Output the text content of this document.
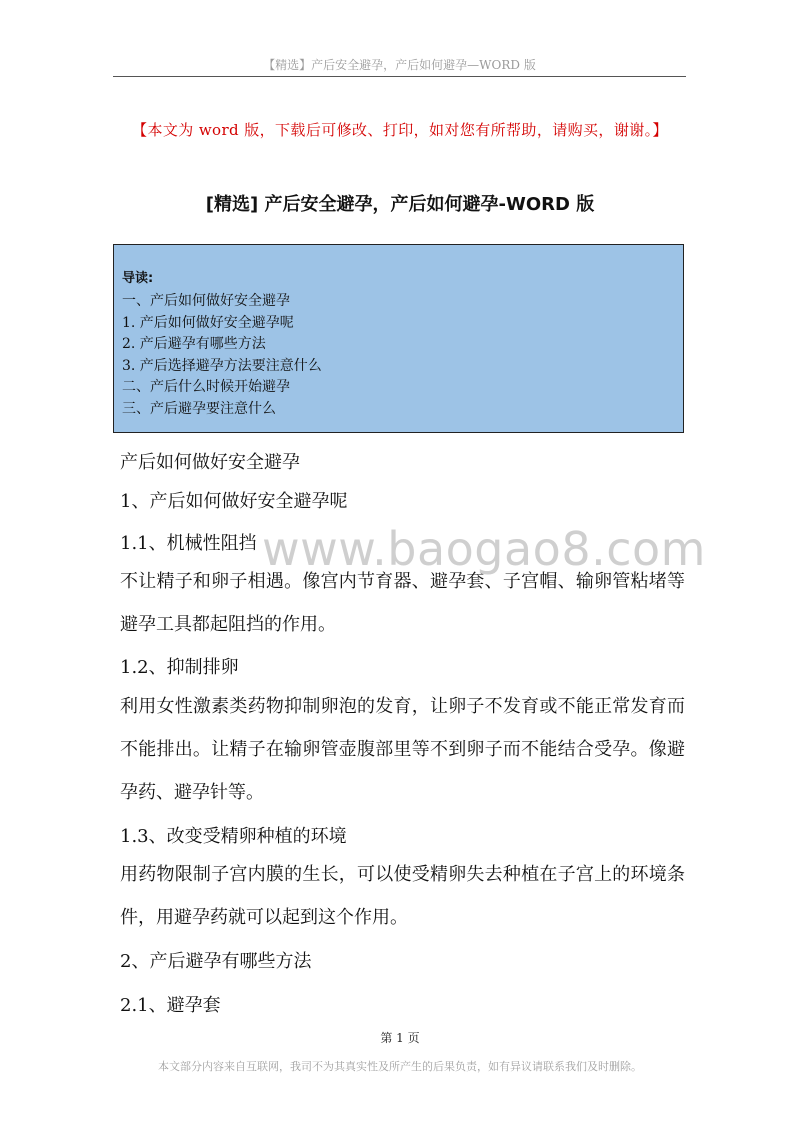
【精选】产后安全避孕，产后如何避孕—WORD 版
【本文为 word 版，下载后可修改、打印，如对您有所帮助，请购买，谢谢。】
[精选] 产后安全避孕，产后如何避孕-WORD 版
导读:
一、产后如何做好安全避孕
1. 产后如何做好安全避孕呢
2. 产后避孕有哪些方法
3. 产后选择避孕方法要注意什么
二、产后什么时候开始避孕
三、产后避孕要注意什么
产后如何做好安全避孕
1、产后如何做好安全避孕呢
1.1、机械性阻挡
不让精子和卵子相遇。像宫内节育器、避孕套、子宫帽、输卵管粘堵等避孕工具都起阻挡的作用。
1.2、抑制排卵
利用女性激素类药物抑制卵泡的发育，让卵子不发育或不能正常发育而不能排出。让精子在输卵管壶腹部里等不到卵子而不能结合受孕。像避孕药、避孕针等。
1.3、改变受精卵种植的环境
用药物限制子宫内膜的生长，可以使受精卵失去种植在子宫上的环境条件，用避孕药就可以起到这个作用。
2、产后避孕有哪些方法
2.1、避孕套
www.baogao8.com
第 1 页
本文部分内容来自互联网，我司不为其真实性及所产生的后果负责，如有异议请联系我们及时删除。
